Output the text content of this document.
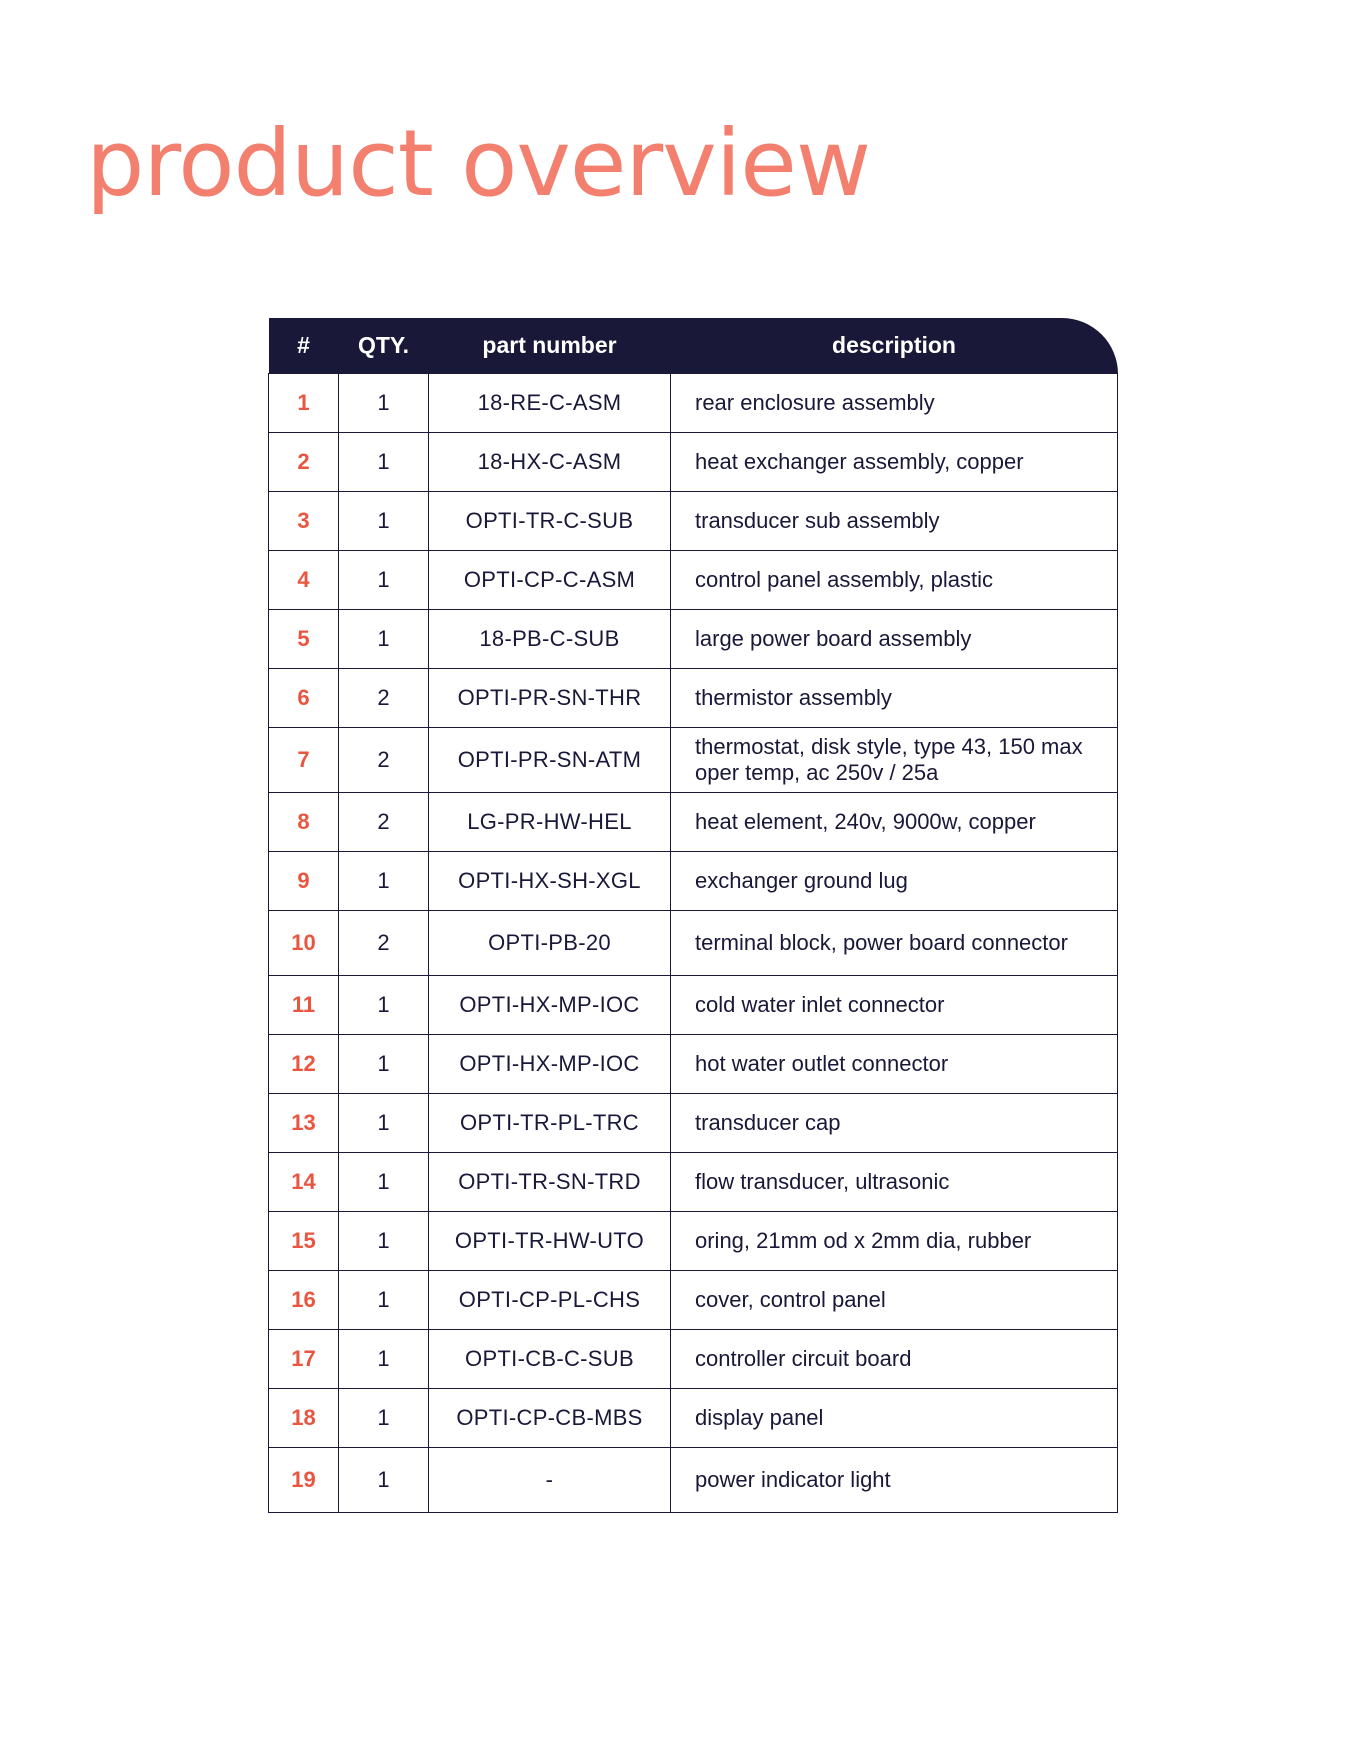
product overview
#	QTY.	part number	description
1	1	18-RE-C-ASM	rear enclosure assembly
2	1	18-HX-C-ASM	heat exchanger assembly, copper
3	1	OPTI-TR-C-SUB	transducer sub assembly
4	1	OPTI-CP-C-ASM	control panel assembly, plastic
5	1	18-PB-C-SUB	large power board assembly
6	2	OPTI-PR-SN-THR	thermistor assembly
7	2	OPTI-PR-SN-ATM	thermostat, disk style, type 43, 150 max oper temp, ac 250v / 25a
8	2	LG-PR-HW-HEL	heat element, 240v, 9000w, copper
9	1	OPTI-HX-SH-XGL	exchanger ground lug
10	2	OPTI-PB-20	terminal block, power board connector
11	1	OPTI-HX-MP-IOC	cold water inlet connector
12	1	OPTI-HX-MP-IOC	hot water outlet connector
13	1	OPTI-TR-PL-TRC	transducer cap
14	1	OPTI-TR-SN-TRD	flow transducer, ultrasonic
15	1	OPTI-TR-HW-UTO	oring, 21mm od x 2mm dia, rubber
16	1	OPTI-CP-PL-CHS	cover, control panel
17	1	OPTI-CB-C-SUB	controller circuit board
18	1	OPTI-CP-CB-MBS	display panel
19	1	-	power indicator light
